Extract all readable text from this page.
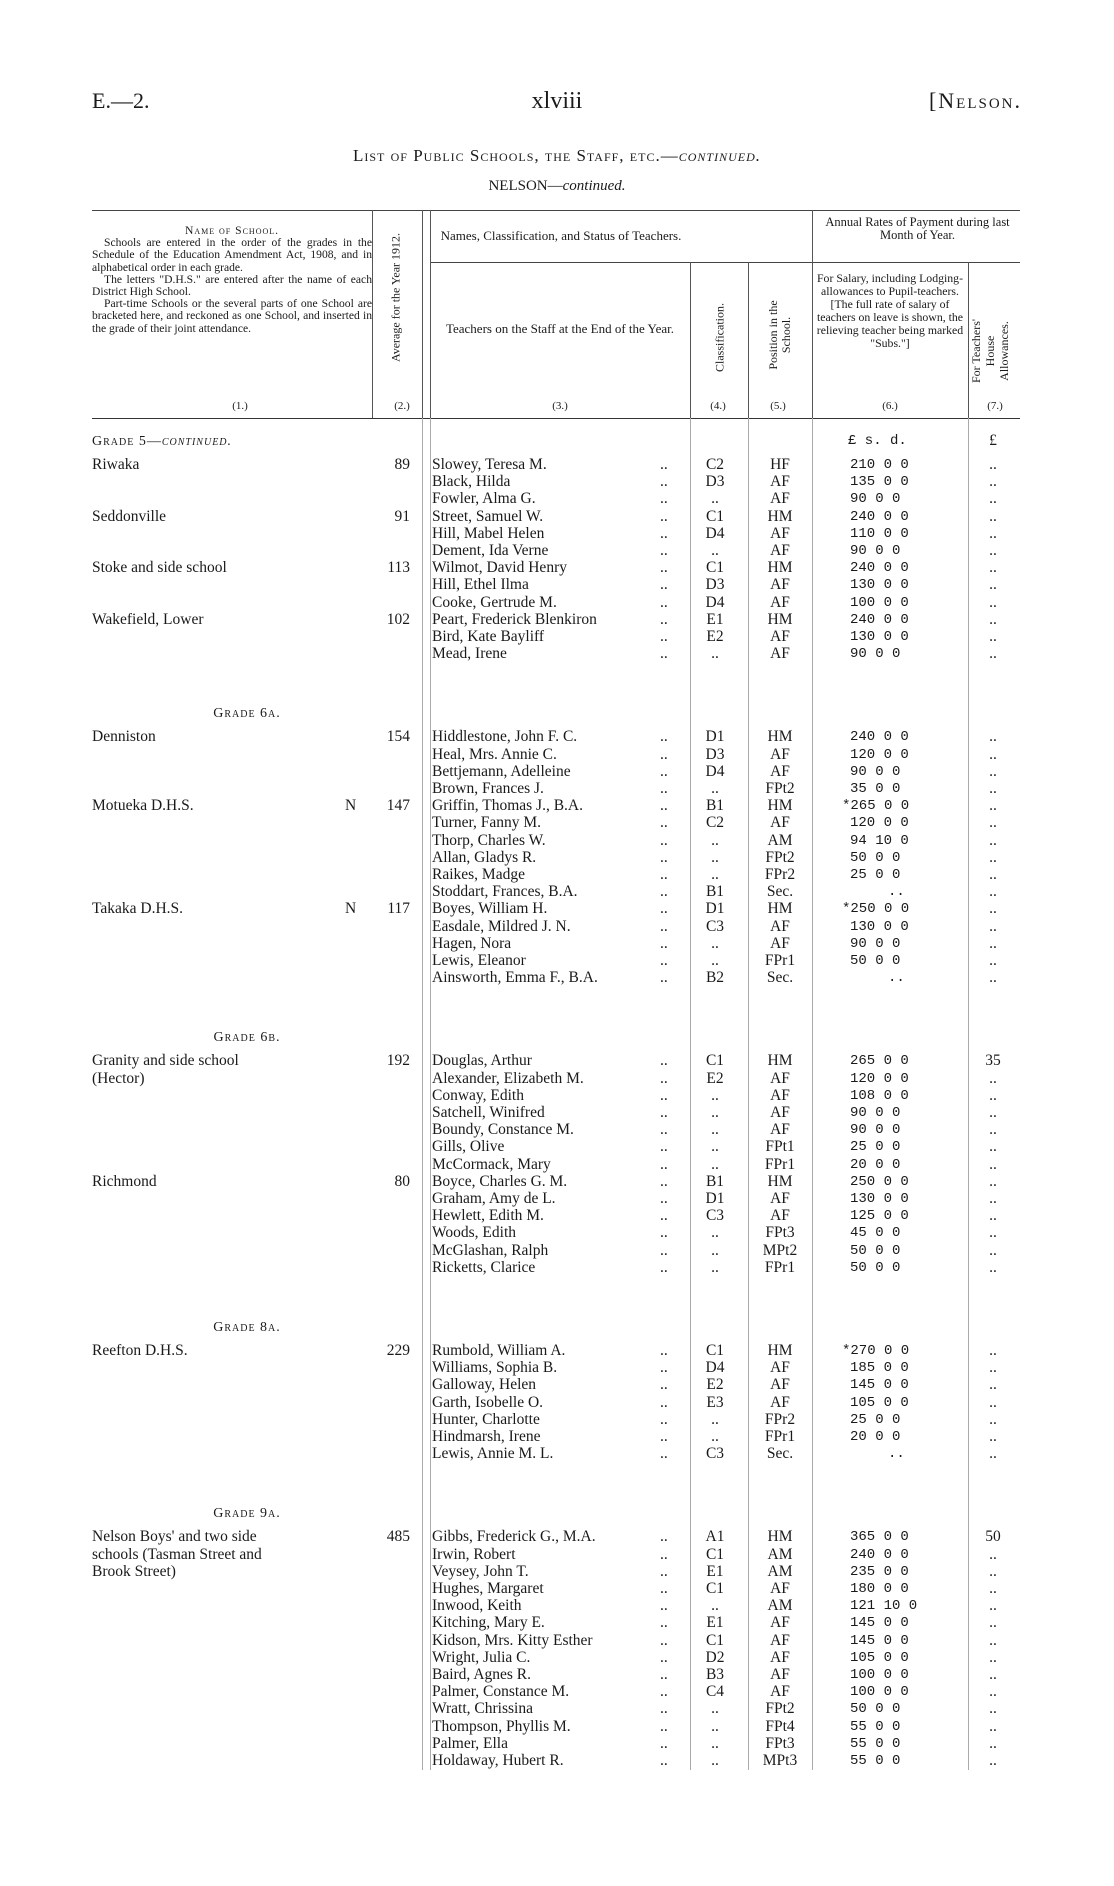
E.—2.	xlviii	[Nelson.
List of Public Schools, the Staff, etc.—continued.
NELSON—continued.
Name of School.

Schools are entered in the order of the grades in the Schedule of the Education Amendment Act, 1908, and in alphabetical order in each grade.

The letters "D.H.S." are entered after the name of each District High School.

Part-time Schools or the several parts of one School are bracketed here, and reckoned as one School, and inserted in the grade of their joint attendance.	Average for the Year 1912.	Names, Classification, and Status of Teachers.
Teachers on the Staff at the End of the Year.	Classification.	Position in the School.
Annual Rates of Payment during last Month of Year.
For Salary, including Lodging-allowances to Pupil-teachers. [The full rate of salary of teachers on leave is shown, the relieving teacher being marked "Subs."]	For Teachers' House Allowances.
(1.)	(2.)	(3.)	(4.)	(5.)	(6.)	(7.)
£ s. d.	£
Grade 5—continued.
Riwaka	89 Slowey, Teresa M.	..	C2	HF	210 0 0	..
Black, Hilda	..	D3	AF	135 0 0	..
Fowler, Alma G.	..	..	AF	90 0 0	..
Seddonville	91 Street, Samuel W.	..	C1	HM	240 0 0	..
Hill, Mabel Helen	..	D4	AF	110 0 0	..
Dement, Ida Verne	..	..	AF	90 0 0	..
Stoke and side school	113 Wilmot, David Henry	..	C1	HM	240 0 0	..
Hill, Ethel Ilma	..	D3	AF	130 0 0	..
Cooke, Gertrude M.	..	D4	AF	100 0 0	..
Wakefield, Lower	102 Peart, Frederick Blenkiron	..	E1	HM	240 0 0	..
Bird, Kate Bayliff	..	E2	AF	130 0 0	..
Mead, Irene	..	..	AF	90 0 0	..
Grade 6a.
Denniston	154 Hiddlestone, John F. C.	..	D1	HM	240 0 0	..
Heal, Mrs. Annie C.	..	D3	AF	120 0 0	..
Bettjemann, Adelleine	..	D4	AF	90 0 0	..
Brown, Frances J.	..	..	FPt2	35 0 0	..
Motueka D.H.S.	N	147 Griffin, Thomas J., B.A.	..	B1	HM	*265 0 0	..
Turner, Fanny M.	..	C2	AF	120 0 0	..
Thorp, Charles W.	..	..	AM	94 10 0	..
Allan, Gladys R.	..	..	FPt2	50 0 0	..
Raikes, Madge	..	..	FPr2	25 0 0	..
Stoddart, Frances, B.A.	..	B1	Sec.	..	..
Takaka D.H.S.	N	117 Boyes, William H.	..	D1	HM	*250 0 0	..
Easdale, Mildred J. N.	..	C3	AF	130 0 0	..
Hagen, Nora	..	..	AF	90 0 0	..
Lewis, Eleanor	..	..	FPr1	50 0 0	..
Ainsworth, Emma F., B.A.	..	B2	Sec.	..	..
Grade 6b.
Granity and side school	192 Douglas, Arthur	..	C1	HM	265 0 0	35
(Hector)	Alexander, Elizabeth M.	..	E2	AF	120 0 0	..
Conway, Edith	..	..	AF	108 0 0	..
Satchell, Winifred	..	..	AF	90 0 0	..
Boundy, Constance M.	..	..	AF	90 0 0	..
Gills, Olive	..	..	FPt1	25 0 0	..
McCormack, Mary	..	..	FPr1	20 0 0	..
Richmond	80 Boyce, Charles G. M.	..	B1	HM	250 0 0	..
Graham, Amy de L.	..	D1	AF	130 0 0	..
Hewlett, Edith M.	..	C3	AF	125 0 0	..
Woods, Edith	..	..	FPt3	45 0 0	..
McGlashan, Ralph	..	..	MPt2	50 0 0	..
Ricketts, Clarice	..	..	FPr1	50 0 0	..
Grade 8a.
Reefton D.H.S.	229 Rumbold, William A.	..	C1	HM	*270 0 0	..
Williams, Sophia B.	..	D4	AF	185 0 0	..
Galloway, Helen	..	E2	AF	145 0 0	..
Garth, Isobelle O.	..	E3	AF	105 0 0	..
Hunter, Charlotte	..	..	FPr2	25 0 0	..
Hindmarsh, Irene	..	..	FPr1	20 0 0	..
Lewis, Annie M. L.	..	C3	Sec.	..	..
Grade 9a.
Nelson Boys' and two side	485 Gibbs, Frederick G., M.A.	..	A1	HM	365 0 0	50
schools (Tasman Street and	Irwin, Robert	..	C1	AM	240 0 0	..
Brook Street)	Veysey, John T.	..	E1	AM	235 0 0	..
Hughes, Margaret	..	C1	AF	180 0 0	..
Inwood, Keith	..	..	AM	121 10 0	..
Kitching, Mary E.	..	E1	AF	145 0 0	..
Kidson, Mrs. Kitty Esther	..	C1	AF	145 0 0	..
Wright, Julia C.	..	D2	AF	105 0 0	..
Baird, Agnes R.	..	B3	AF	100 0 0	..
Palmer, Constance M.	..	C4	AF	100 0 0	..
Wratt, Chrissina	..	..	FPt2	50 0 0	..
Thompson, Phyllis M.	..	..	FPt4	55 0 0	..
Palmer, Ella	..	..	FPt3	55 0 0	..
Holdaway, Hubert R.	..	..	MPt3	55 0 0	..
